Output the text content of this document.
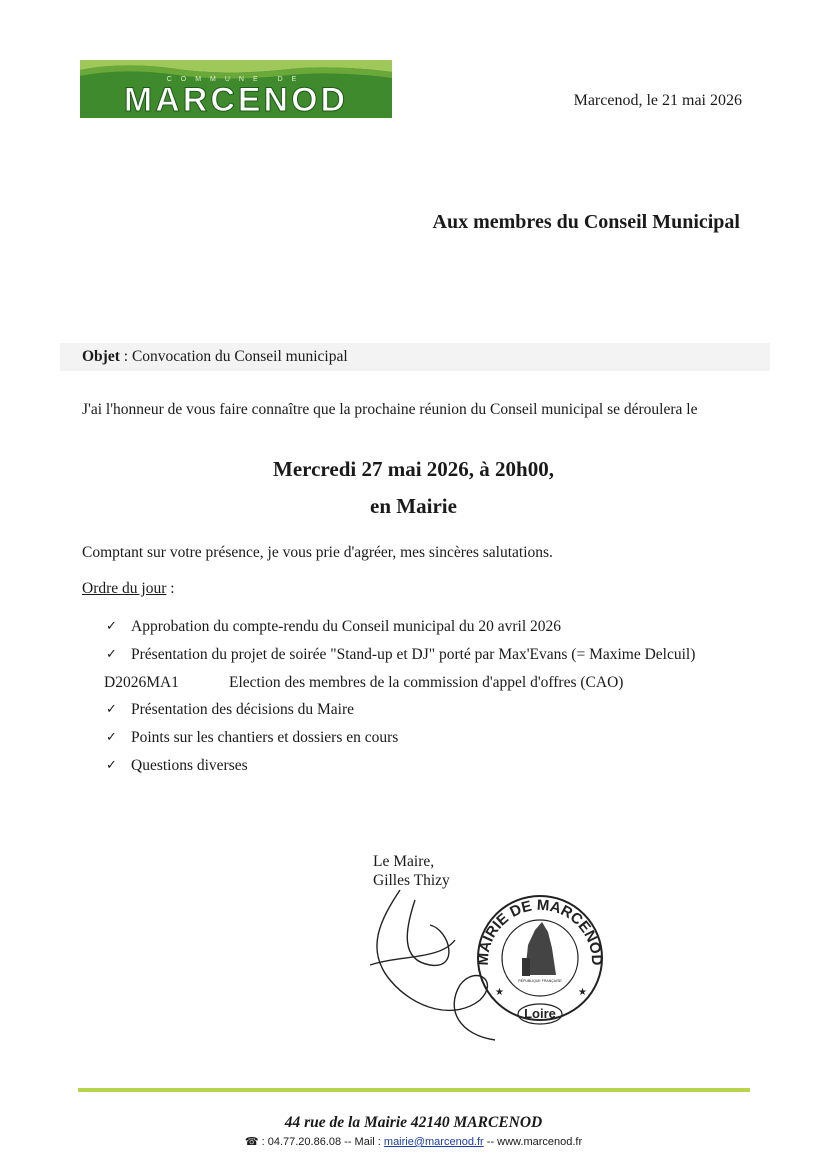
COMMUNE DE
MARCENOD	Marcenod, le 21 mai 2026
Aux membres du Conseil Municipal
Objet : Convocation du Conseil municipal
J'ai l'honneur de vous faire connaître que la prochaine réunion du Conseil municipal se déroulera le
Mercredi 27 mai 2026, à 20h00,
en Mairie
Comptant sur votre présence, je vous prie d'agréer, mes sincères salutations.
Ordre du jour :
✓ Approbation du compte-rendu du Conseil municipal du 20 avril 2026
✓ Présentation du projet de soirée "Stand-up et DJ" porté par Max'Evans (= Maxime Delcuil)
D2026MA1	Election des membres de la commission d'appel d'offres (CAO)
✓ Présentation des décisions du Maire
✓ Points sur les chantiers et dossiers en cours
✓ Questions diverses
Le Maire,
Gilles Thizy
MAIRIE DE MARCENOD
Loire
RÉPUBLIQUE FRANÇAISE
★	★
44 rue de la Mairie 42140 MARCENOD
☎ : 04.77.20.86.08 -- Mail : mairie@marcenod.fr -- www.marcenod.fr
